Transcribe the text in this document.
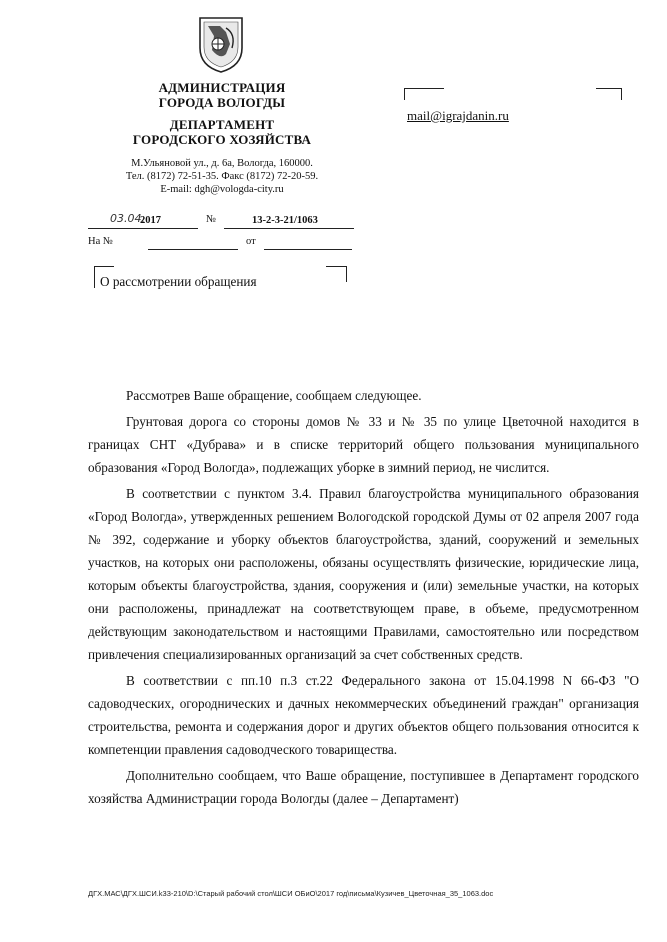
АДМИНИСТРАЦИЯ
ГОРОДА ВОЛОГДЫ
ДЕПАРТАМЕНТ
ГОРОДСКОГО ХОЗЯЙСТВА
М.Ульяновой ул., д. 6а, Вологда, 160000.
Тел. (8172) 72-51-35. Факс (8172) 72-20-59.
E-mail: dgh@vologda-city.ru
03.04.
2017	№	13-2-3-21/1063
На №	от
О рассмотрении обращения
mail@igrajdanin.ru

Рассмотрев Ваше обращение, сообщаем следующее.

Грунтовая дорога со стороны домов № 33 и № 35 по улице Цветочной находится в границах СНТ «Дубрава» и в списке территорий общего пользования муниципального образования «Город Вологда», подлежащих уборке в зимний период, не числится.

В соответствии с пунктом 3.4. Правил благоустройства муниципального образования «Город Вологда», утвержденных решением Вологодской городской Думы от 02 апреля 2007 года № 392, содержание и уборку объектов благоустройства, зданий, сооружений и земельных участков, на которых они расположены, обязаны осуществлять физические, юридические лица, которым объекты благоустройства, здания, сооружения и (или) земельные участки, на которых они расположены, принадлежат на соответствующем праве, в объеме, предусмотренном действующим законодательством и настоящими Правилами, самостоятельно или посредством привлечения специализированных организаций за счет собственных средств.

В соответствии с пп.10 п.3 ст.22 Федерального закона от 15.04.1998 N 66-ФЗ "О садоводческих, огороднических и дачных некоммерческих объединений граждан" организация строительства, ремонта и содержания дорог и других объектов общего пользования относится к компетенции правления садоводческого товарищества.

Дополнительно сообщаем, что Ваше обращение, поступившее в Департамент городского хозяйства Администрации города Вологды (далее – Департамент)

ДГХ.МАС\ДГХ.ШСИ.k33-210\D:\Старый рабочий стол\ШСИ ОБиО\2017 год\письма\Кузичев_Цветочная_35_1063.doc
